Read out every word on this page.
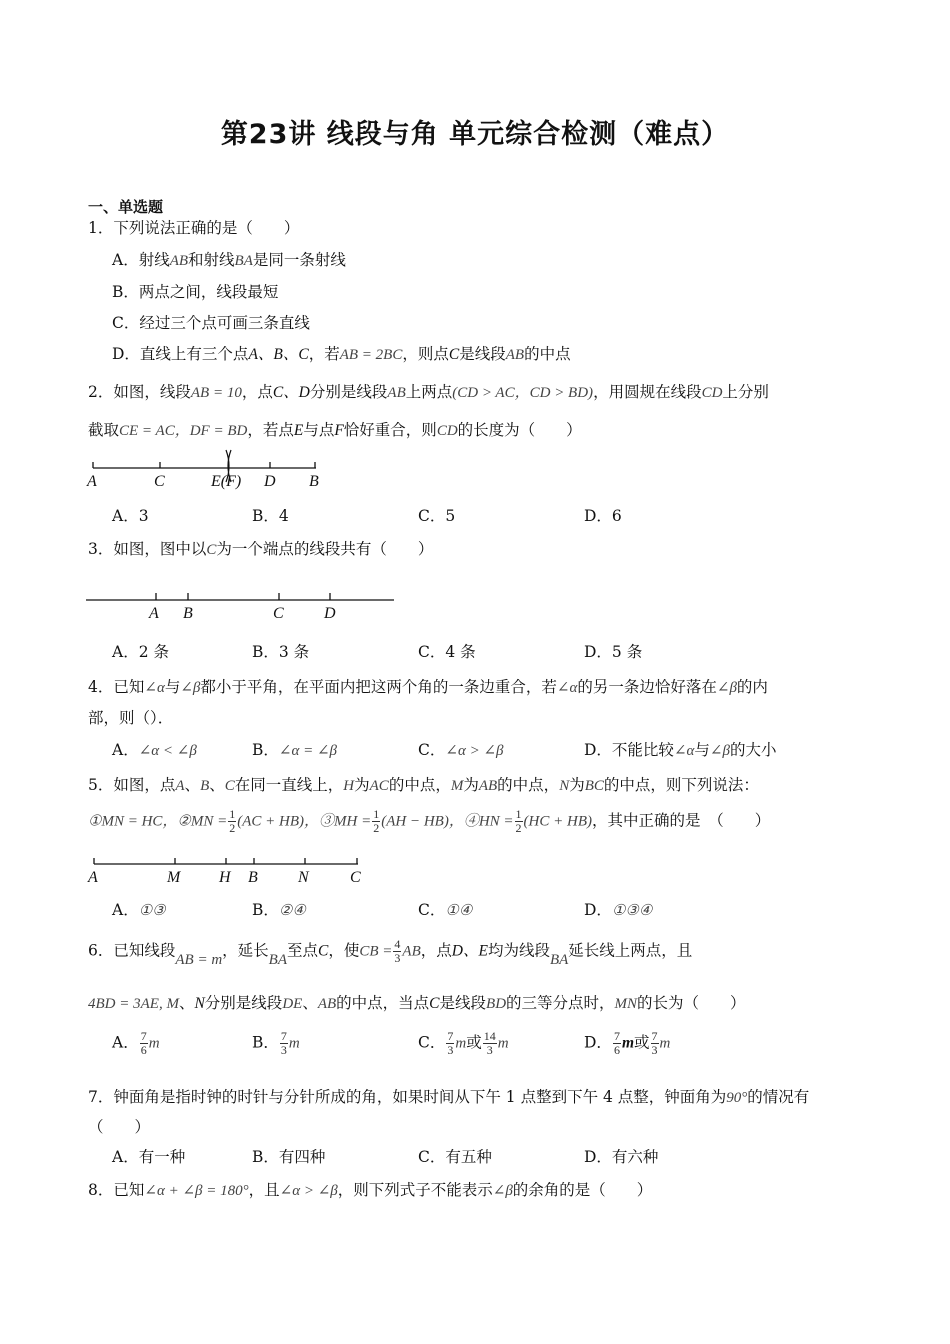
第23讲 线段与角 单元综合检测（难点）
一、单选题
1．下列说法正确的是（　　）
A．射线AB和射线BA是同一条射线
B．两点之间，线段最短
C．经过三个点可画三条直线
D．直线上有三个点A、B、C，若AB = 2BC，则点C是线段AB的中点
2．如图，线段AB = 10，点C、D分别是线段AB上两点(CD > AC，CD > BD)，用圆规在线段CD上分别
截取CE = AC，DF = BD，若点E与点F恰好重合，则CD的长度为（　　）
A	C	E(F) D B
A．3	B．4	C．5	D．6
3．如图，图中以C为一个端点的线段共有（　　）
A B	C	D
A．2 条	B．3 条	C．4 条	D．5 条
4．已知∠α与∠β都小于平角，在平面内把这两个角的一条边重合，若∠α的另一条边恰好落在∠β的内
部，则（）．
A．∠α < ∠β	B．∠α = ∠β	C．∠α > ∠β	D．不能比较∠α与∠β的大小
5．如图，点A、B、C在同一直线上，H为AC的中点，M为AB的中点，N为BC的中点，则下列说法：
①MN = HC，②MN = $\frac{1}{2} (AC + HB)$，③MH = $\frac{1}{2} (AH - HB)$，④HN = $\frac{1}{2} (HC + HB)$，其中正确的是　（　　）
A	M H B	N	C
A．①③	B．②④	C．①④	D．①③④
6．已知线段AB = m，延长BA至点C，使CB = $\frac{4}{3}$ AB，点D、E均为线段BA延长线上两点，且
4BD = 3AE, M、N分别是线段DE、AB的中点，当点C是线段BD的三等分点时，MN的长为（　　）
A． $\frac{7}{6}$ m	B． $\frac{7}{3}$ m	C． $\frac{7}{3}$ m或 $\frac{14}{3}$ m	D． $\frac{7}{6}$ m或 $\frac{7}{3}$ m
7．钟面角是指时钟的时针与分针所成的角，如果时间从下午 1 点整到下午 4 点整，钟面角为90°的情况有
（　　）
A．有一种	B．有四种	C．有五种	D．有六种
8．已知∠α + ∠β = 180°，且∠α > ∠β，则下列式子不能表示∠β的余角的是（　　）
